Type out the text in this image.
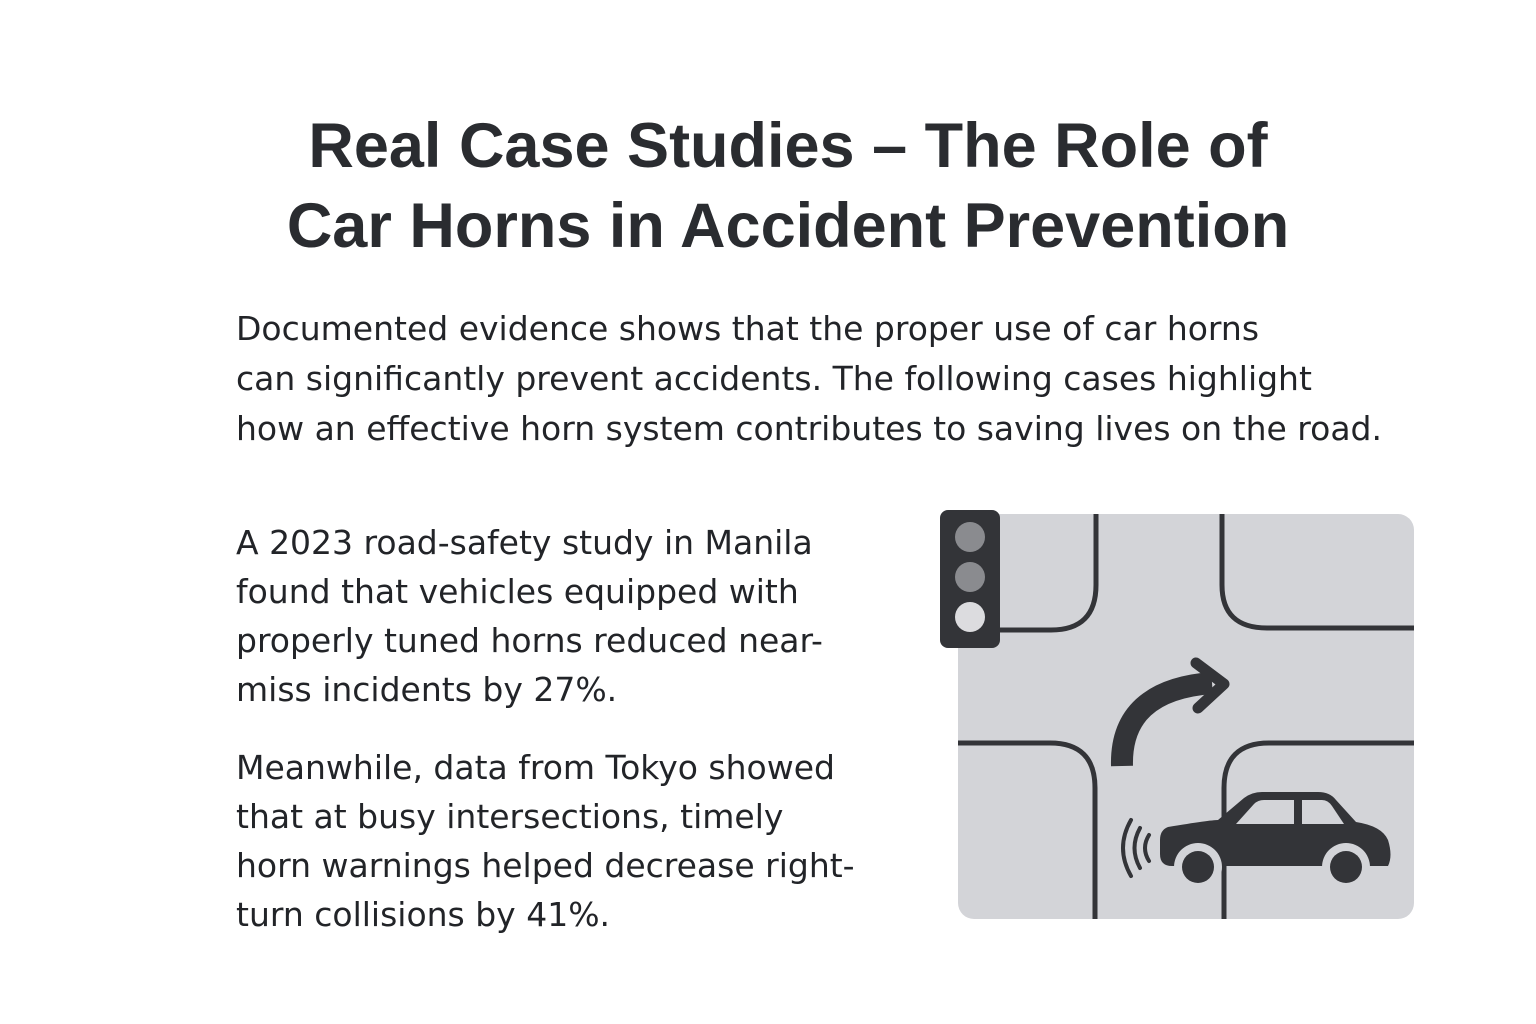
Real Case Studies – The Role of
Car Horns in Accident Prevention

Documented evidence shows that the proper use of car horns
can significantly prevent accidents. The following cases highlight
how an effective horn system contributes to saving lives on the road.

A 2023 road-safety study in Manila
found that vehicles equipped with
properly tuned horns reduced near-
miss incidents by 27%.

Meanwhile, data from Tokyo showed
that at busy intersections, timely
horn warnings helped decrease right-
turn collisions by 41%.
